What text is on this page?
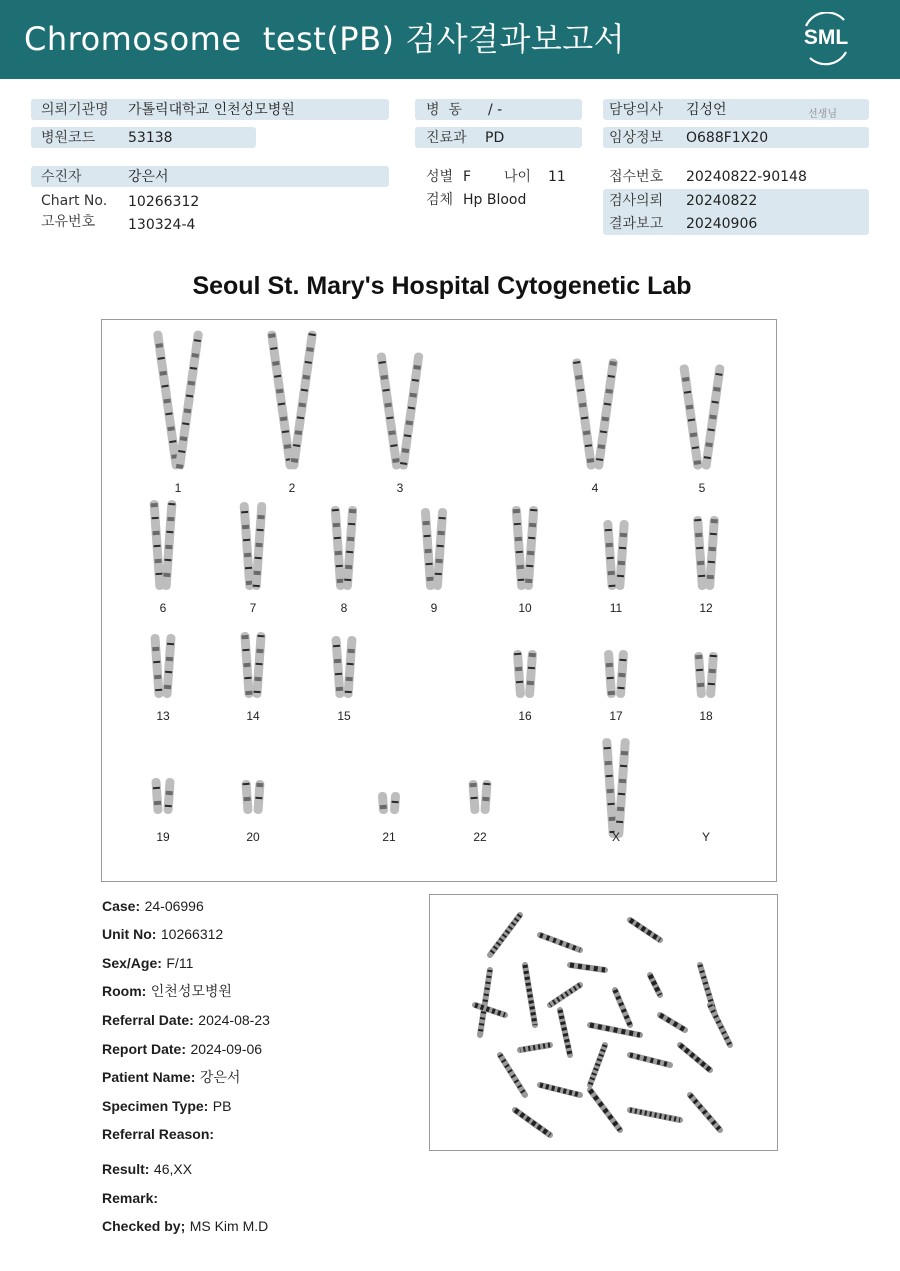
Chromosome  test(PB) 검사결과보고서	SML
의뢰기관명 가톨릭대학교 인천성모병원
병원코드 53138
병  동 / -
진료과 PD
담당의사 김성언	선생님
임상정보 O688F1X20
수진자	강은서
Chart No. 10266312
고유번호 130324-4
성별 F 나이 11
검체 Hp Blood
접수번호 20240822-90148
검사의뢰 20240822
결과보고 20240906
Seoul St. Mary's Hospital Cytogenetic Lab
1	2	3	4	5
6	7	8	9	10	11	12
13	14	15	16	17	18
19	20	21	22	X	Y
Case: 24-06996
Unit No: 10266312
Sex/Age: F/11
Room: 인천성모병원
Referral Date: 2024-08-23
Report Date: 2024-09-06
Patient Name: 강은서
Specimen Type: PB
Referral Reason:
Result: 46,XX
Remark:
Checked by; MS Kim M.D
